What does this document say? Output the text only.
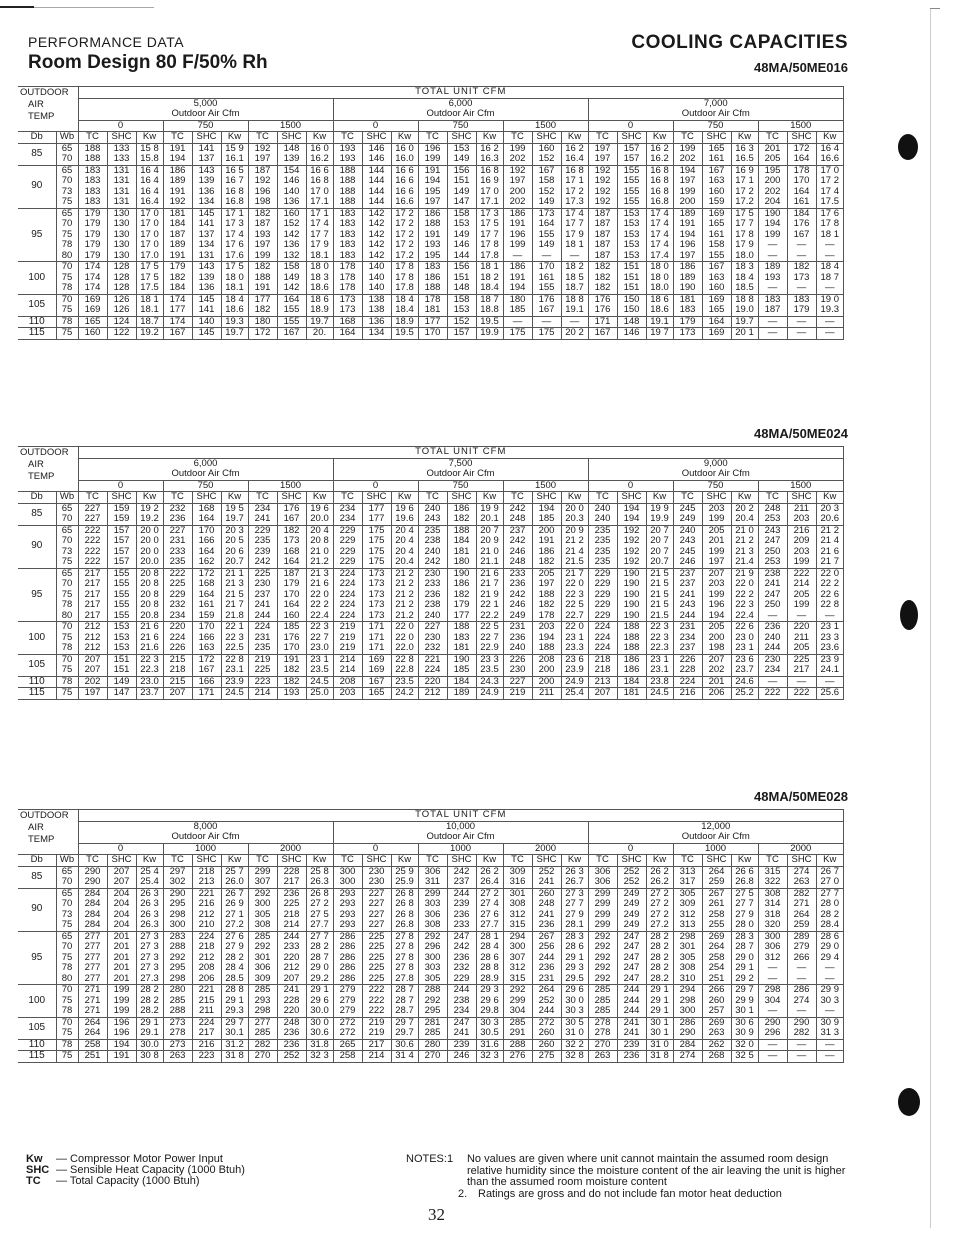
PERFORMANCE DATA
Room Design 80 F/50% Rh
COOLING CAPACITIES
48MA/50ME016
OUTDOOR
AIR
TEMP		TOTAL UNIT CFM																										
		5,000									6,000									7,000								
		Outdoor Air Cfm									Outdoor Air Cfm									Outdoor Air Cfm								
		0			750			1500			0			750			1500			0			750			1500		
Db	Wb	TC	SHC	Kw	TC	SHC	Kw	TC	SHC	Kw	TC	SHC	Kw	TC	SHC	Kw	TC	SHC	Kw	TC	SHC	Kw	TC	SHC	Kw	TC	SHC	Kw
85	65	188	133	15 8	191	141	15 9	192	148	16 0	193	146	16 0	196	153	16 2	199	160	16 2	197	157	16 2	199	165	16 3	201	172	16 4
	70	188	133	15.8	194	137	16.1	197	139	16.2	193	146	16.0	199	149	16.3	202	152	16.4	197	157	16.2	202	161	16.5	205	164	16.6
90	65	183	131	16 4	186	143	16 5	187	154	16 6	188	144	16 6	191	156	16 8	192	167	16 8	192	155	16 8	194	167	16 9	195	178	17 0
	70	183	131	16 4	189	139	16 7	192	146	16 8	188	144	16 6	194	151	16 9	197	158	17 1	192	155	16 8	197	163	17 1	200	170	17 2
	73	183	131	16 4	191	136	16 8	196	140	17 0	188	144	16 6	195	149	17 0	200	152	17 2	192	155	16 8	199	160	17 2	202	164	17 4
	75	183	131	16.4	192	134	16.8	198	136	17.1	188	144	16.6	197	147	17.1	202	149	17.3	192	155	16.8	200	159	17.2	204	161	17.5
95	65	179	130	17 0	181	145	17 1	182	160	17 1	183	142	17 2	186	158	17 3	186	173	17 4	187	153	17 4	189	169	17 5	190	184	17 6
	70	179	130	17 0	184	141	17 3	187	152	17 4	183	142	17 2	188	153	17 5	191	164	17 7	187	153	17 4	191	165	17 7	194	176	17 8
	75	179	130	17 0	187	137	17 4	193	142	17 7	183	142	17 2	191	149	17 7	196	155	17 9	187	153	17 4	194	161	17 8	199	167	18 1
	78	179	130	17 0	189	134	17 6	197	136	17 9	183	142	17 2	193	146	17 8	199	149	18 1	187	153	17 4	196	158	17 9	—	—	—
	80	179	130	17.0	191	131	17.6	199	132	18.1	183	142	17.2	195	144	17.8	—	—	—	187	153	17.4	197	155	18.0	—	—	—
100	70	174	128	17 5	179	143	17 5	182	158	18 0	178	140	17 8	183	156	18 1	186	170	18 2	182	151	18 0	186	167	18 3	189	182	18 4
	75	174	128	17 5	182	139	18 0	188	149	18 3	178	140	17 8	186	151	18 2	191	161	18 5	182	151	18 0	189	163	18 4	193	173	18 7
	78	174	128	17.5	184	136	18.1	191	142	18.6	178	140	17.8	188	148	18.4	194	155	18.7	182	151	18.0	190	160	18.5	—	—	—
105	70	169	126	18 1	174	145	18 4	177	164	18 6	173	138	18 4	178	158	18 7	180	176	18 8	176	150	18 6	181	169	18 8	183	183	19 0
	75	169	126	18.1	177	141	18.6	182	155	18.9	173	138	18.4	181	153	18.8	185	167	19.1	176	150	18.6	183	165	19.0	187	179	19.3
110	78	165	124	18.7	174	140	19.3	180	155	19.7	168	136	18.9	177	152	19.5	—	—	—	171	148	19.1	179	164	19.7	—	—	—
115	75	160	122	19.2	167	145	19.7	172	167	20.	164	134	19.5	170	157	19.9	175	175	20 2	167	146	19 7	173	169	20 1	—	—	—
48MA/50ME024
OUTDOOR
AIR
TEMP		TOTAL UNIT CFM																										
		6,000									7,500									9,000								
		Outdoor Air Cfm									Outdoor Air Cfm									Outdoor Air Cfm								
		0			750			1500			0			750			1500			0			750			1500		
Db	Wb	TC	SHC	Kw	TC	SHC	Kw	TC	SHC	Kw	TC	SHC	Kw	TC	SHC	Kw	TC	SHC	Kw	TC	SHC	Kw	TC	SHC	Kw	TC	SHC	Kw
85	65	227	159	19 2	232	168	19 5	234	176	19 6	234	177	19 6	240	186	19 9	242	194	20 0	240	194	19 9	245	203	20 2	248	211	20 3
	70	227	159	19.2	236	164	19.7	241	167	20.0	234	177	19.6	243	182	20.1	248	185	20.3	240	194	19.9	249	199	20.4	253	203	20.6
90	65	222	157	20 0	227	170	20 3	229	182	20 4	229	175	20 4	235	188	20 7	237	200	20 9	235	192	20 7	240	205	21 0	243	216	21 2
	70	222	157	20 0	231	166	20 5	235	173	20 8	229	175	20 4	238	184	20 9	242	191	21 2	235	192	20 7	243	201	21 2	247	209	21 4
	73	222	157	20 0	233	164	20 6	239	168	21 0	229	175	20 4	240	181	21 0	246	186	21 4	235	192	20 7	245	199	21 3	250	203	21 6
	75	222	157	20.0	235	162	20.7	242	164	21.2	229	175	20.4	242	180	21.1	248	182	21.5	235	192	20.7	246	197	21.4	253	199	21 7
95	65	217	155	20 8	222	172	21 1	225	187	21 3	224	173	21 2	230	190	21 6	233	205	21 7	229	190	21 5	237	207	21 9	238	222	22 0
	70	217	155	20 8	225	168	21 3	230	179	21 6	224	173	21 2	233	186	21 7	236	197	22 0	229	190	21 5	237	203	22 0	241	214	22 2
	75	217	155	20 8	229	164	21 5	237	170	22 0	224	173	21 2	236	182	21 9	242	188	22 3	229	190	21 5	241	199	22 2	247	205	22 6
	78	217	155	20 8	232	161	21 7	241	164	22 2	224	173	21 2	238	179	22 1	246	182	22 5	229	190	21 5	243	196	22 3	250	199	22 8
	80	217	155	20.8	234	159	21.8	244	160	22.4	224	173	21.2	240	177	22.2	249	178	22.7	229	190	21.5	244	194	22.4	—	—	—
100	70	212	153	21 6	220	170	22 1	224	185	22 3	219	171	22 0	227	188	22 5	231	203	22 0	224	188	22 3	231	205	22 6	236	220	23 1
	75	212	153	21 6	224	166	22 3	231	176	22 7	219	171	22 0	230	183	22 7	236	194	23 1	224	188	22 3	234	200	23 0	240	211	23 3
	78	212	153	21.6	226	163	22.5	235	170	23.0	219	171	22.0	232	181	22.9	240	188	23.3	224	188	22.3	237	198	23 1	244	205	23.6
105	70	207	151	22 3	215	172	22 8	219	191	23 1	214	169	22 8	221	190	23 3	226	208	23 6	218	186	23 1	226	207	23 6	230	225	23 9
	75	207	151	22.3	218	167	23.1	225	182	23.5	214	169	22.8	224	185	23.5	230	200	23.9	218	186	23.1	228	202	23.7	234	217	24.1
110	78	202	149	23.0	215	166	23.9	223	182	24.5	208	167	23.5	220	184	24.3	227	200	24.9	213	184	23.8	224	201	24.6	—	—	—
115	75	197	147	23.7	207	171	24.5	214	193	25.0	203	165	24.2	212	189	24.9	219	211	25.4	207	181	24.5	216	206	25.2	222	222	25.6
48MA/50ME028
OUTDOOR
AIR
TEMP		TOTAL UNIT CFM																										
		8,000									10,000									12,000								
		Outdoor Air Cfm									Outdoor Air Cfm									Outdoor Air Cfm								
		0			1000			2000			0			1000			2000			0			1000			2000		
Db	Wb	TC	SHC	Kw	TC	SHC	Kw	TC	SHC	Kw	TC	SHC	Kw	TC	SHC	Kw	TC	SHC	Kw	TC	SHC	Kw	TC	SHC	Kw	TC	SHC	Kw
85	65	290	207	25 4	297	218	25 7	299	228	25 8	300	230	25 9	306	242	26 2	309	252	26 3	306	252	26 2	313	264	26 6	315	274	26 7
	70	290	207	25.4	302	213	26.0	307	217	26.3	300	230	25.9	311	237	26.4	316	241	26.7	306	252	26.2	317	259	26.8	322	263	27 0
90	65	284	204	26 3	290	221	26 7	292	236	26 8	293	227	26 8	299	244	27 2	301	260	27 3	299	249	27 2	305	267	27 5	308	282	27 7
	70	284	204	26 3	295	216	26 9	300	225	27 2	293	227	26 8	303	239	27 4	308	248	27 7	299	249	27 2	309	261	27 7	314	271	28 0
	73	284	204	26 3	298	212	27 1	305	218	27 5	293	227	26 8	306	236	27 6	312	241	27 9	299	249	27 2	312	258	27 9	318	264	28 2
	75	284	204	26.3	300	210	27.2	308	214	27.7	293	227	26.8	308	233	27.7	315	236	28.1	299	249	27.2	313	255	28 0	320	259	28.4
95	65	277	201	27 3	283	224	27 6	285	244	27 7	286	225	27 8	292	247	28 1	294	267	28 3	292	247	28 2	298	269	28 3	300	289	28 6
	70	277	201	27 3	288	218	27 9	292	233	28 2	286	225	27 8	296	242	28 4	300	256	28 6	292	247	28 2	301	264	28 7	306	279	29 0
	75	277	201	27 3	292	212	28 2	301	220	28 7	286	225	27 8	300	236	28 6	307	244	29 1	292	247	28 2	305	258	29 0	312	266	29 4
	78	277	201	27 3	295	208	28 4	306	212	29 0	286	225	27 8	303	232	28 8	312	236	29 3	292	247	28 2	308	254	29 1	—	—	—
	80	277	201	27.3	298	206	28.5	309	207	29.2	286	225	27.8	305	229	28.9	315	231	29.5	292	247	28.2	310	251	29 2	—	—	—
100	70	271	199	28 2	280	221	28 8	285	241	29 1	279	222	28 7	288	244	29 3	292	264	29 6	285	244	29 1	294	266	29 7	298	286	29 9
	75	271	199	28 2	285	215	29 1	293	228	29 6	279	222	28 7	292	238	29 6	299	252	30 0	285	244	29 1	298	260	29 9	304	274	30 3
	78	271	199	28.2	288	211	29.3	298	220	30.0	279	222	28.7	295	234	29.8	304	244	30 3	285	244	29 1	300	257	30 1	—	—	—
105	70	264	196	29 1	273	224	29 7	277	248	30 0	272	219	29 7	281	247	30 3	285	272	30 5	278	241	30 1	286	269	30 6	290	290	30 9
	75	264	196	29.1	278	217	30.1	285	236	30.6	272	219	29.7	285	241	30.5	291	260	31 0	278	241	30 1	290	263	30 9	296	282	31 3
110	78	258	194	30.0	273	216	31.2	282	236	31.8	265	217	30.6	280	239	31.6	288	260	32 2	270	239	31 0	284	262	32 0	—	—	—
115	75	251	191	30 8	263	223	31 8	270	252	32 3	258	214	31 4	270	246	32 3	276	275	32 8	263	236	31 8	274	268	32 5	—	—	—
Kw — Compressor Motor Power Input
SHC — Sensible Heat Capacity (1000 Btuh)
TC — Total Capacity (1000 Btuh)
NOTES: 1	No values are given where unit cannot maintain the assumed room design relative humidity since the moisture content of the air leaving the unit is higher than the assumed room moisture content
2. Ratings are gross and do not include fan motor heat deduction
32
